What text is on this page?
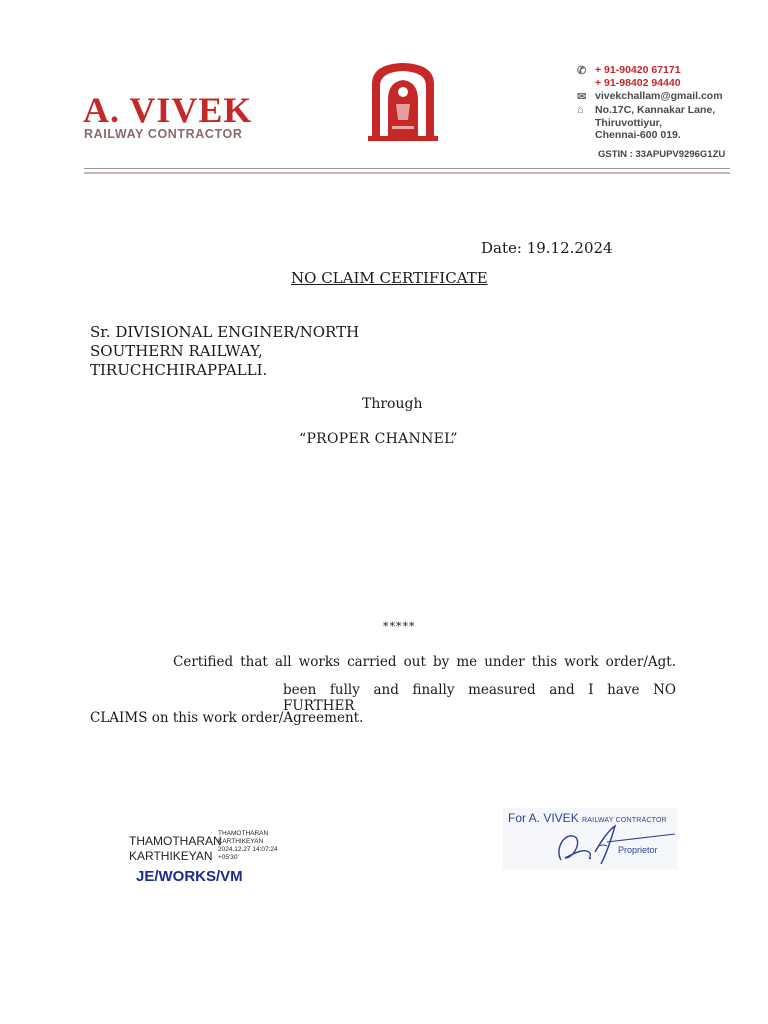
A. VIVEK
RAILWAY CONTRACTOR
✆ + 91-90420 67171
+ 91-98402 94440
✉ vivekchallam@gmail.com
⌂	No.17C, Kannakar Lane,
Thiruvottiyur,
Chennai-600 019.
GSTIN : 33APUPV9296G1ZU
Date: 19.12.2024
NO CLAIM CERTIFICATE
Sr. DIVISIONAL ENGINER/NORTH
SOUTHERN RAILWAY,
TIRUCHCHIRAPPALLI.
Through
“PROPER CHANNEL”
*****
Certified that all works carried out by me under this work order/Agt.
been fully and finally measured and I have NO FURTHER
CLAIMS on this work order/Agreement.
THAMOTHARAN
KARTHIKEYAN
THAMOTHARAN
KARTHIKEYAN
2024.12.27 14:07:24
+05'30'
JE/WORKS/VM
For A. VIVEK RAILWAY CONTRACTOR
Proprietor
